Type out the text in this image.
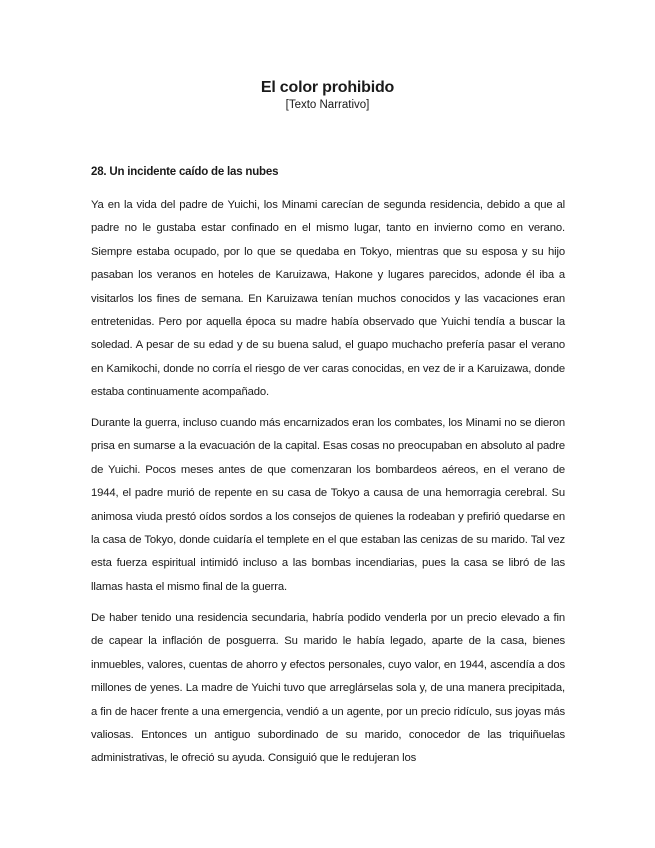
El color prohibido
[Texto Narrativo]
28. Un incidente caído de las nubes

Ya en la vida del padre de Yuichi, los Minami carecían de segunda residencia, debido a que al padre no le gustaba estar confinado en el mismo lugar, tanto en invierno como en verano. Siempre estaba ocupado, por lo que se quedaba en Tokyo, mientras que su esposa y su hijo pasaban los veranos en hoteles de Karuizawa, Hakone y lugares parecidos, adonde él iba a visitarlos los fines de semana. En Karuizawa tenían muchos conocidos y las vacaciones eran entretenidas. Pero por aquella época su madre había observado que Yuichi tendía a buscar la soledad. A pesar de su edad y de su buena salud, el guapo muchacho prefería pasar el verano en Kamikochi, donde no corría el riesgo de ver caras conocidas, en vez de ir a Karuizawa, donde estaba continuamente acompañado.

Durante la guerra, incluso cuando más encarnizados eran los combates, los Minami no se dieron prisa en sumarse a la evacuación de la capital. Esas cosas no preocupaban en absoluto al padre de Yuichi. Pocos meses antes de que comenzaran los bombardeos aéreos, en el verano de 1944, el padre murió de repente en su casa de Tokyo a causa de una hemorragia cerebral. Su animosa viuda prestó oídos sordos a los consejos de quienes la rodeaban y prefirió quedarse en la casa de Tokyo, donde cuidaría el templete en el que estaban las cenizas de su marido. Tal vez esta fuerza espiritual intimidó incluso a las bombas incendiarias, pues la casa se libró de las llamas hasta el mismo final de la guerra.

De haber tenido una residencia secundaria, habría podido venderla por un precio elevado a fin de capear la inflación de posguerra. Su marido le había legado, aparte de la casa, bienes inmuebles, valores, cuentas de ahorro y efectos personales, cuyo valor, en 1944, ascendía a dos millones de yenes. La madre de Yuichi tuvo que arreglárselas sola y, de una manera precipitada, a fin de hacer frente a una emergencia, vendió a un agente, por un precio ridículo, sus joyas más valiosas. Entonces un antiguo subordinado de su marido, conocedor de las triquiñuelas administrativas, le ofreció su ayuda. Consiguió que le redujeran los
